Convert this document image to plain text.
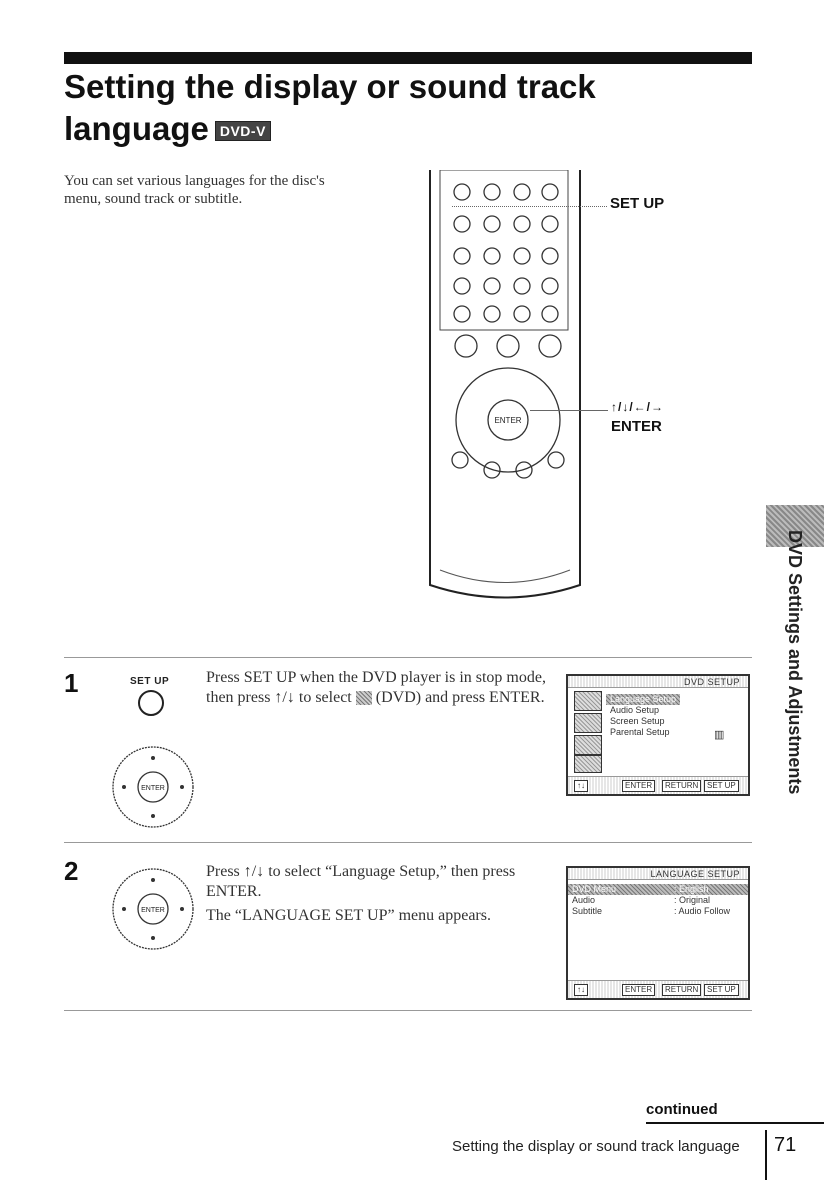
Setting the display or sound track
language DVD-V

You can set various languages for the disc's menu, sound track or subtitle.

ENTER
SET UP
↑/↓/←/→
ENTER
DVD Settings and Adjustments
1	SET UP
ENTER
Press SET UP when the DVD player is in stop mode, then press ↑/↓ to select (DVD) and press ENTER.
DVD SETUP
Language Setup
Audio Setup
Screen Setup
Parental Setup	▥
↑↓	ENTER	RETURN	SET UP
2
ENTER

Press ↑/↓ to select “Language Setup,” then press ENTER.

The “LANGUAGE SET UP” menu appears.

LANGUAGE SETUP
DVD Menu	: English
Audio	: Original
Subtitle	: Audio Follow
↑↓	ENTER	RETURN	SET UP
continued
Setting the display or sound track language 71
